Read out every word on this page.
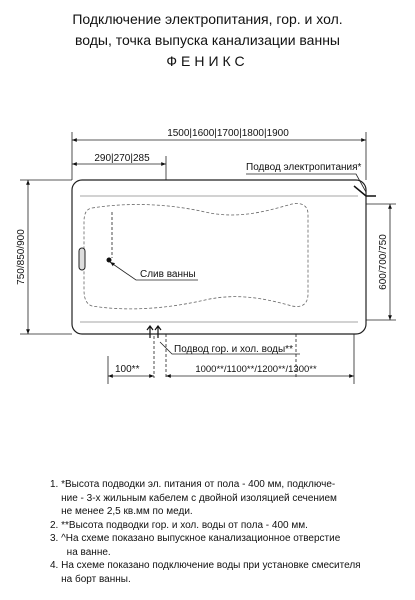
Подключение электропитания, гор. и хол.
воды, точка выпуска канализации ванны
ФЕНИКС
1500|1600|1700|1800|1900
290|270|285
Подвод электропитания*
Слив ванны
750/850/900	600/700/750
Подвод гор. и хол. воды**
100**	1000**/1100**/1200**/1300**

1. *Высота подводки эл. питания от пола - 400 мм, подключе-

ние - 3-х жильным кабелем с двойной изоляцией сечением

не менее 2,5 кв.мм по меди.

2. **Высота подводки гор. и хол. воды от пола - 400 мм.

3. ^На схеме показано выпускное канализационное отверстие

на ванне.

4. На схеме показано подключение воды при установке смесителя

на борт ванны.
